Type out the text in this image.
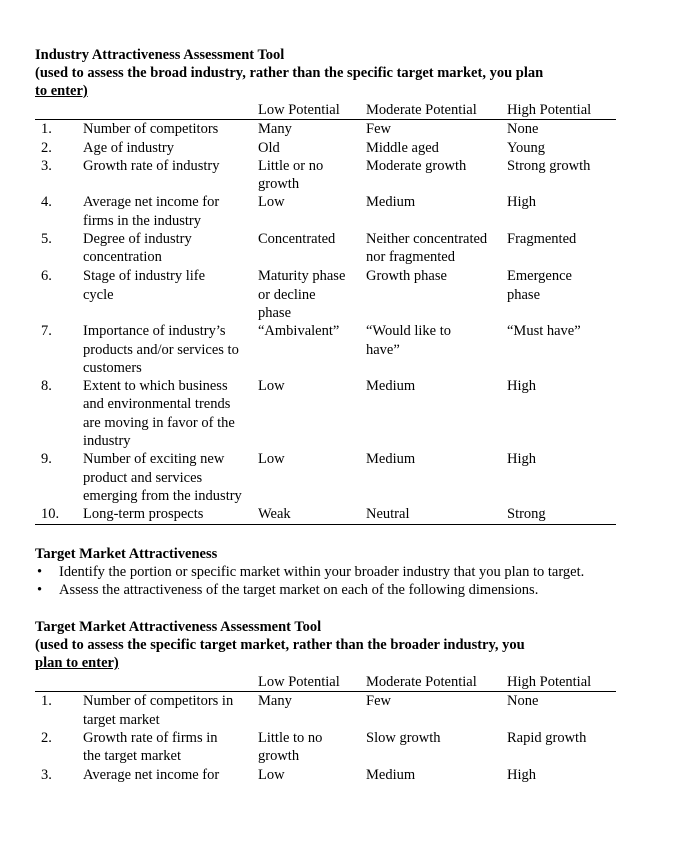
Industry Attractiveness Assessment Tool
(used to assess the broad industry, rather than the specific target market, you plan
to enter)
		Low Potential	Moderate Potential	High Potential
1.	Number of competitors	Many	Few	None
2.	Age of industry	Old	Middle aged	Young
3.	Growth rate of industry	Little or no growth	Moderate growth	Strong growth
4.	Average net income for firms in the industry	Low	Medium	High
5.	Degree of industry concentration	Concentrated	Neither concentrated nor fragmented	Fragmented
6.	Stage of industry life cycle	Maturity phase or decline phase	Growth phase	Emergence phase
7.	Importance of industry’s products and/or services to customers	“Ambivalent”	“Would like to have”	“Must have”
8.	Extent to which business and environmental trends are moving in favor of the industry	Low	Medium	High
9.	Number of exciting new product and services emerging from the industry	Low	Medium	High
10.	Long-term prospects	Weak	Neutral	Strong
Target Market Attractiveness
• Identify the portion or specific market within your broader industry that you plan to target.
• Assess the attractiveness of the target market on each of the following dimensions.
Target Market Attractiveness Assessment Tool
(used to assess the specific target market, rather than the broader industry, you
plan to enter)
		Low Potential	Moderate Potential	High Potential
1.	Number of competitors in target market	Many	Few	None
2.	Growth rate of firms in the target market	Little to no growth	Slow growth	Rapid growth
3.	Average net income for	Low	Medium	High
